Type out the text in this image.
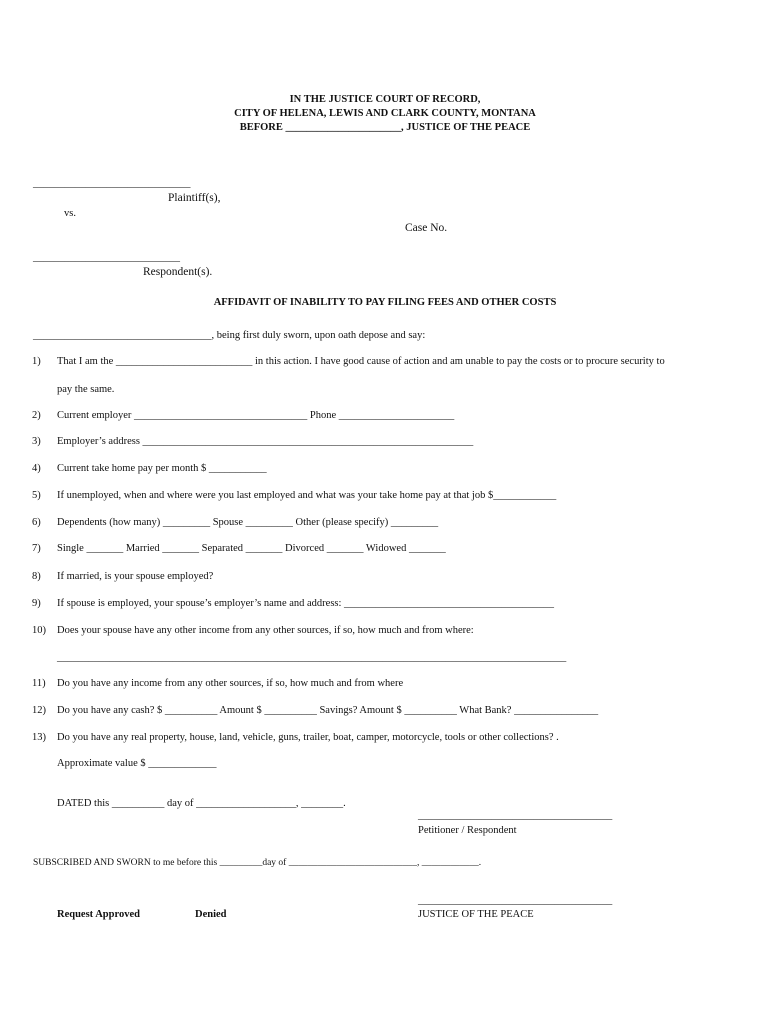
IN THE JUSTICE COURT OF RECORD,
CITY OF HELENA, LEWIS AND CLARK COUNTY, MONTANA
BEFORE ______________________, JUSTICE OF THE PEACE
______________________________
Plaintiff(s),
vs.
Case No.
____________________________
Respondent(s).
AFFIDAVIT OF INABILITY TO PAY FILING FEES AND OTHER COSTS
__________________________________, being first duly sworn, upon oath depose and say:
1) That I am the __________________________ in this action. I have good cause of action and am unable to pay the costs or to procure security to
pay the same.
2) Current employer _________________________________ Phone ______________________
3) Employer’s address _______________________________________________________________
4) Current take home pay per month $ ___________
5) If unemployed, when and where were you last employed and what was your take home pay at that job $____________
6) Dependents (how many) _________ Spouse _________ Other (please specify) _________
7) Single _______ Married _______ Separated _______ Divorced _______ Widowed _______
8) If married, is your spouse employed?
9) If spouse is employed, your spouse’s employer’s name and address: ________________________________________
10) Does your spouse have any other income from any other sources, if so, how much and from where:
_________________________________________________________________________________________________
11) Do you have any income from any other sources, if so, how much and from where
12) Do you have any cash? $ __________ Amount $ __________ Savings? Amount $ __________ What Bank? ________________
13) Do you have any real property, house, land, vehicle, guns, trailer, boat, camper, motorcycle, tools or other collections? .
Approximate value $ _____________
DATED this __________ day of ___________________, ________.
_____________________________________
Petitioner / Respondent
SUBSCRIBED AND SWORN to me before this _________day of ___________________________, ____________.
_____________________________________
Request Approved	Denied	JUSTICE OF THE PEACE
